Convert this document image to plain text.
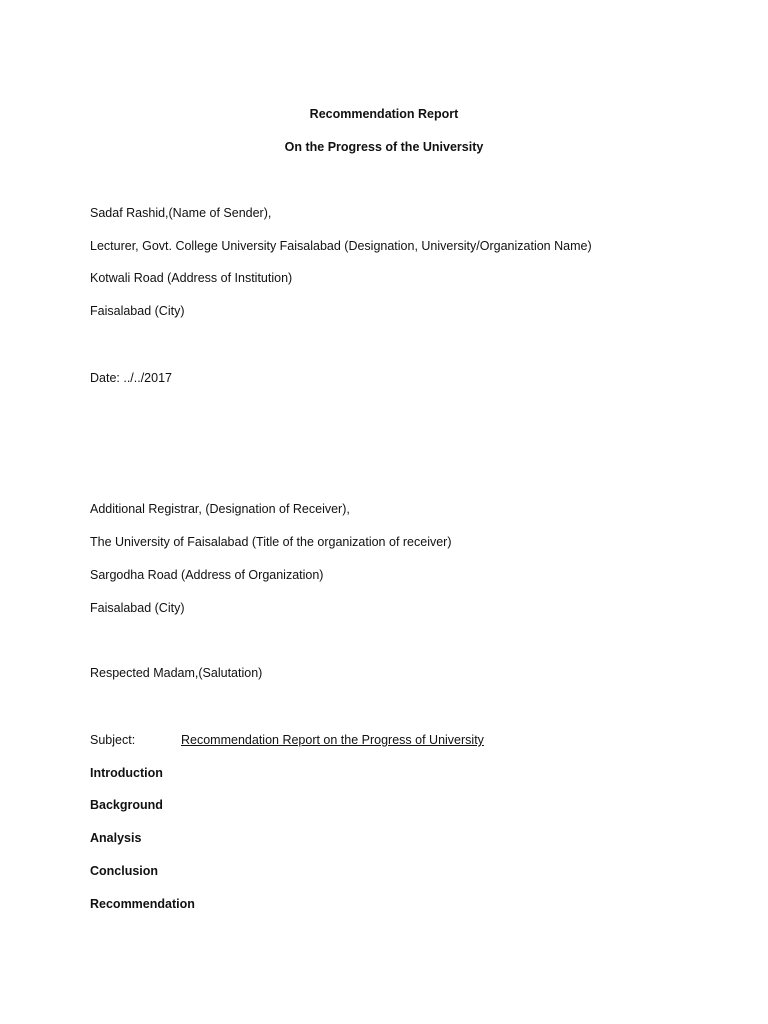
Recommendation Report

On the Progress of the University

Sadaf Rashid,(Name of Sender),

Lecturer, Govt. College University Faisalabad (Designation, University/Organization Name)

Kotwali Road (Address of Institution)

Faisalabad (City)

Date: ../../2017

Additional Registrar, (Designation of Receiver),

The University of Faisalabad (Title of the organization of receiver)

Sargodha Road (Address of Organization)

Faisalabad (City)

Respected Madam,(Salutation)

Subject:	Recommendation Report on the Progress of University

Introduction

Background

Analysis

Conclusion

Recommendation
